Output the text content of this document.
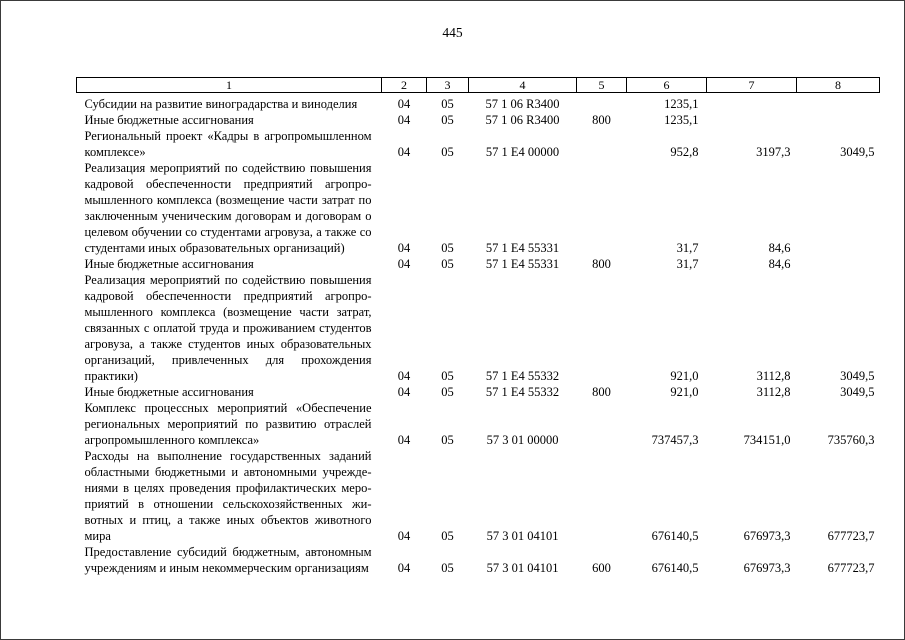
445
1	2	3	4	5	6	7	8
Субсидии на развитие виноградарства и виноделия	04	05	57 1 06 R3400		1235,1		
Иные бюджетные ассигнования	04	05	57 1 06 R3400	800	1235,1		
Региональный проект «Кадры в агропромышленном комплексе»	04	05	57 1 E4 00000		952,8	3197,3	3049,5
Реализация мероприятий по содействию повышения кадровой обеспеченности предприятий агропромышленного комплекса (возмещение части затрат по заключенным ученическим договорам и договорам о целевом обучении со студентами агровуза, а также со студентами иных образовательных организаций)	04	05	57 1 E4 55331		31,7	84,6	
Иные бюджетные ассигнования	04	05	57 1 E4 55331	800	31,7	84,6	
Реализация мероприятий по содействию повышения кадровой обеспеченности предприятий агропромышленного комплекса (возмещение части затрат, связанных с оплатой труда и проживанием студентов агровуза, а также студентов иных образовательных организаций, привлеченных для прохождения практики)	04	05	57 1 E4 55332		921,0	3112,8	3049,5
Иные бюджетные ассигнования	04	05	57 1 E4 55332	800	921,0	3112,8	3049,5
Комплекс процессных мероприятий «Обеспечение региональных мероприятий по развитию отраслей агропромышленного комплекса»	04	05	57 3 01 00000		737457,3	734151,0	735760,3
Расходы на выполнение государственных заданий областными бюджетными и автономными учреждениями в целях проведения профилактических мероприятий в отношении сельскохозяйственных животных и птиц, а также иных объектов животного мира	04	05	57 3 01 04101		676140,5	676973,3	677723,7
Предоставление субсидий бюджетным, автономным учреждениям и иным некоммерческим организациям	04	05	57 3 01 04101	600	676140,5	676973,3	677723,7
